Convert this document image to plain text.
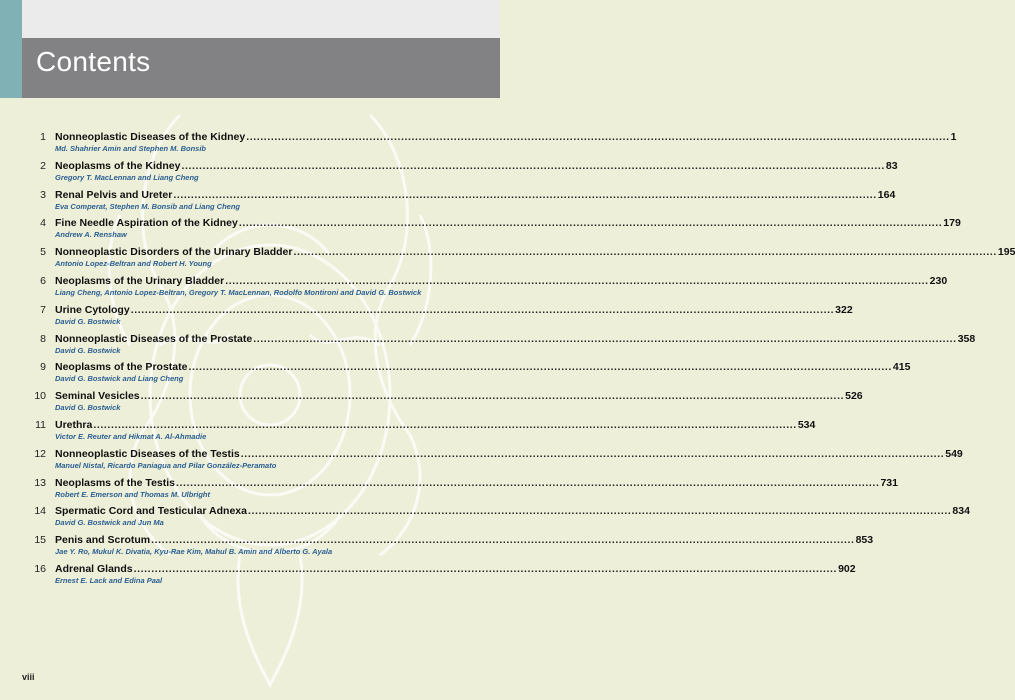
Contents
1 Nonneoplastic Diseases of the Kidney ........................................................................................................................................................................................................ 1
Md. Shahrier Amin and Stephen M. Bonsib
2 Neoplasms of the Kidney ........................................................................................................................................................................................................ 83
Gregory T. MacLennan and Liang Cheng
3 Renal Pelvis and Ureter ........................................................................................................................................................................................................ 164
Eva Comperat, Stephen M. Bonsib and Liang Cheng
4 Fine Needle Aspiration of the Kidney ........................................................................................................................................................................................................ 179
Andrew A. Renshaw
5 Nonneoplastic Disorders of the Urinary Bladder ........................................................................................................................................................................................................ 195
Antonio Lopez-Beltran and Robert H. Young
6 Neoplasms of the Urinary Bladder ........................................................................................................................................................................................................ 230
Liang Cheng, Antonio Lopez-Beltran, Gregory T. MacLennan, Rodolfo Montironi and David G. Bostwick
7 Urine Cytology ........................................................................................................................................................................................................ 322
David G. Bostwick
8 Nonneoplastic Diseases of the Prostate ........................................................................................................................................................................................................ 358
David G. Bostwick
9 Neoplasms of the Prostate ........................................................................................................................................................................................................ 415
David G. Bostwick and Liang Cheng
10 Seminal Vesicles ........................................................................................................................................................................................................ 526
David G. Bostwick
11 Urethra ........................................................................................................................................................................................................ 534
Victor E. Reuter and Hikmat A. Al-Ahmadie
12 Nonneoplastic Diseases of the Testis ........................................................................................................................................................................................................ 549
Manuel Nistal, Ricardo Paniagua and Pilar González-Peramato
13 Neoplasms of the Testis ........................................................................................................................................................................................................ 731
Robert E. Emerson and Thomas M. Ulbright
14 Spermatic Cord and Testicular Adnexa ........................................................................................................................................................................................................ 834
David G. Bostwick and Jun Ma
15 Penis and Scrotum ........................................................................................................................................................................................................ 853
Jae Y. Ro, Mukul K. Divatia, Kyu-Rae Kim, Mahul B. Amin and Alberto G. Ayala
16 Adrenal Glands ........................................................................................................................................................................................................ 902
Ernest E. Lack and Edina Paal
viii
